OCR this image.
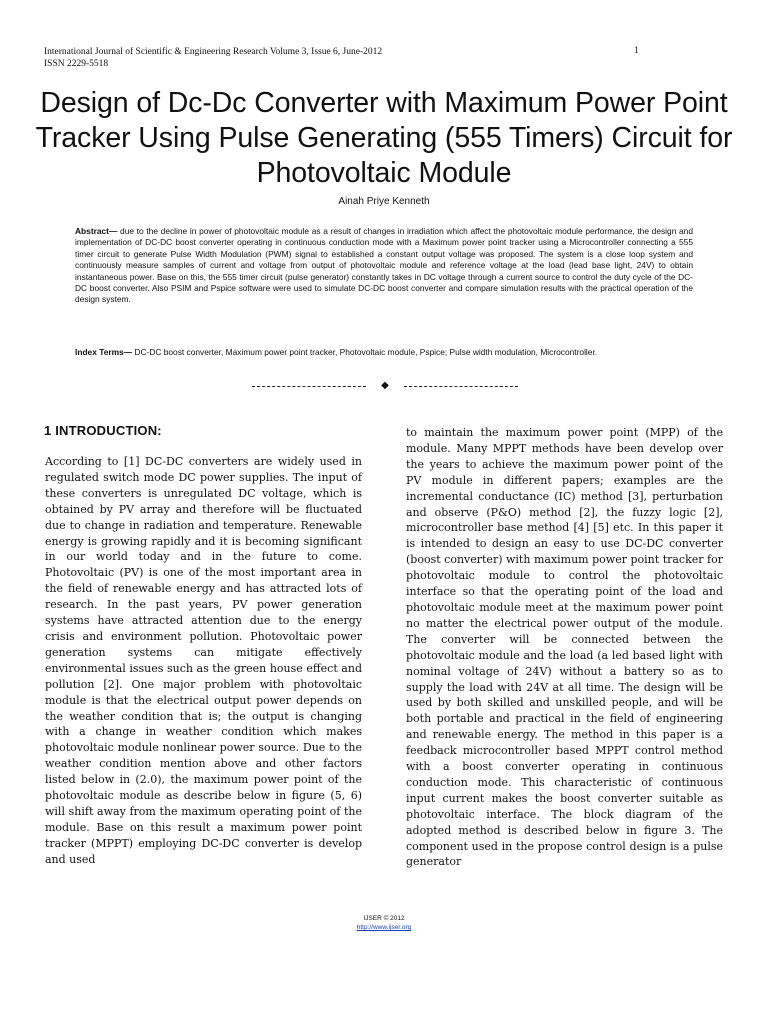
International Journal of Scientific & Engineering Research Volume 3, Issue 6, June-2012
ISSN 2229-5518
1
Design of Dc-Dc Converter with Maximum Power Point Tracker Using Pulse Generating (555 Timers) Circuit for Photovoltaic Module
Ainah Priye Kenneth
Abstract— due to the decline in power of photovoltaic module as a result of changes in irradiation which affect the photovoltaic module performance, the design and implementation of DC-DC boost converter operating in continuous conduction mode with a Maximum power point tracker using a Microcontroller connecting a 555 timer circuit to generate Pulse Width Modulation (PWM) signal to established a constant output voltage was proposed. The system is a close loop system and continuously measure samples of current and voltage from output of photovoltaic module and reference voltage at the load (lead base light, 24V) to obtain instantaneous power. Base on this, the 555 timer circuit (pulse generator) constantly takes in DC voltage through a current source to control the duty cycle of the DC-DC boost converter. Also PSIM and Pspice software were used to simulate DC-DC boost converter and compare simulation results with the practical operation of the design system.
Index Terms— DC-DC boost converter, Maximum power point tracker, Photovoltaic module, Pspice; Pulse width modulation, Microcontroller.
◆
1 INTRODUCTION:

According to [1] DC-DC converters are widely used in regulated switch mode DC power supplies. The input of these converters is unregulated DC voltage, which is obtained by PV array and therefore will be fluctuated due to change in radiation and temperature. Renewable energy is growing rapidly and it is becoming significant in our world today and in the future to come. Photovoltaic (PV) is one of the most important area in the field of renewable energy and has attracted lots of research. In the past years, PV power generation systems have attracted attention due to the energy crisis and environment pollution. Photovoltaic power generation systems can mitigate effectively environmental issues such as the green house effect and pollution [2]. One major problem with photovoltaic module is that the electrical output power depends on the weather condition that is; the output is changing with a change in weather condition which makes photovoltaic module nonlinear power source. Due to the weather condition mention above and other factors listed below in (2.0), the maximum power point of the photovoltaic module as describe below in figure (5, 6) will shift away from the maximum operating point of the module. Base on this result a maximum power point tracker (MPPT) employing DC-DC converter is develop and used

to maintain the maximum power point (MPP) of the module. Many MPPT methods have been develop over the years to achieve the maximum power point of the PV module in different papers; examples are the incremental conductance (IC) method [3], perturbation and observe (P&O) method [2], the fuzzy logic [2], microcontroller base method [4] [5] etc. In this paper it is intended to design an easy to use DC-DC converter (boost converter) with maximum power point tracker for photovoltaic module to control the photovoltaic interface so that the operating point of the load and photovoltaic module meet at the maximum power point no matter the electrical power output of the module. The converter will be connected between the photovoltaic module and the load (a led based light with nominal voltage of 24V) without a battery so as to supply the load with 24V at all time. The design will be used by both skilled and unskilled people, and will be both portable and practical in the field of engineering and renewable energy. The method in this paper is a feedback microcontroller based MPPT control method with a boost converter operating in continuous conduction mode. This characteristic of continuous input current makes the boost converter suitable as photovoltaic interface. The block diagram of the adopted method is described below in figure 3. The component used in the propose control design is a pulse generator

IJSER © 2012
http://www.ijser.org
